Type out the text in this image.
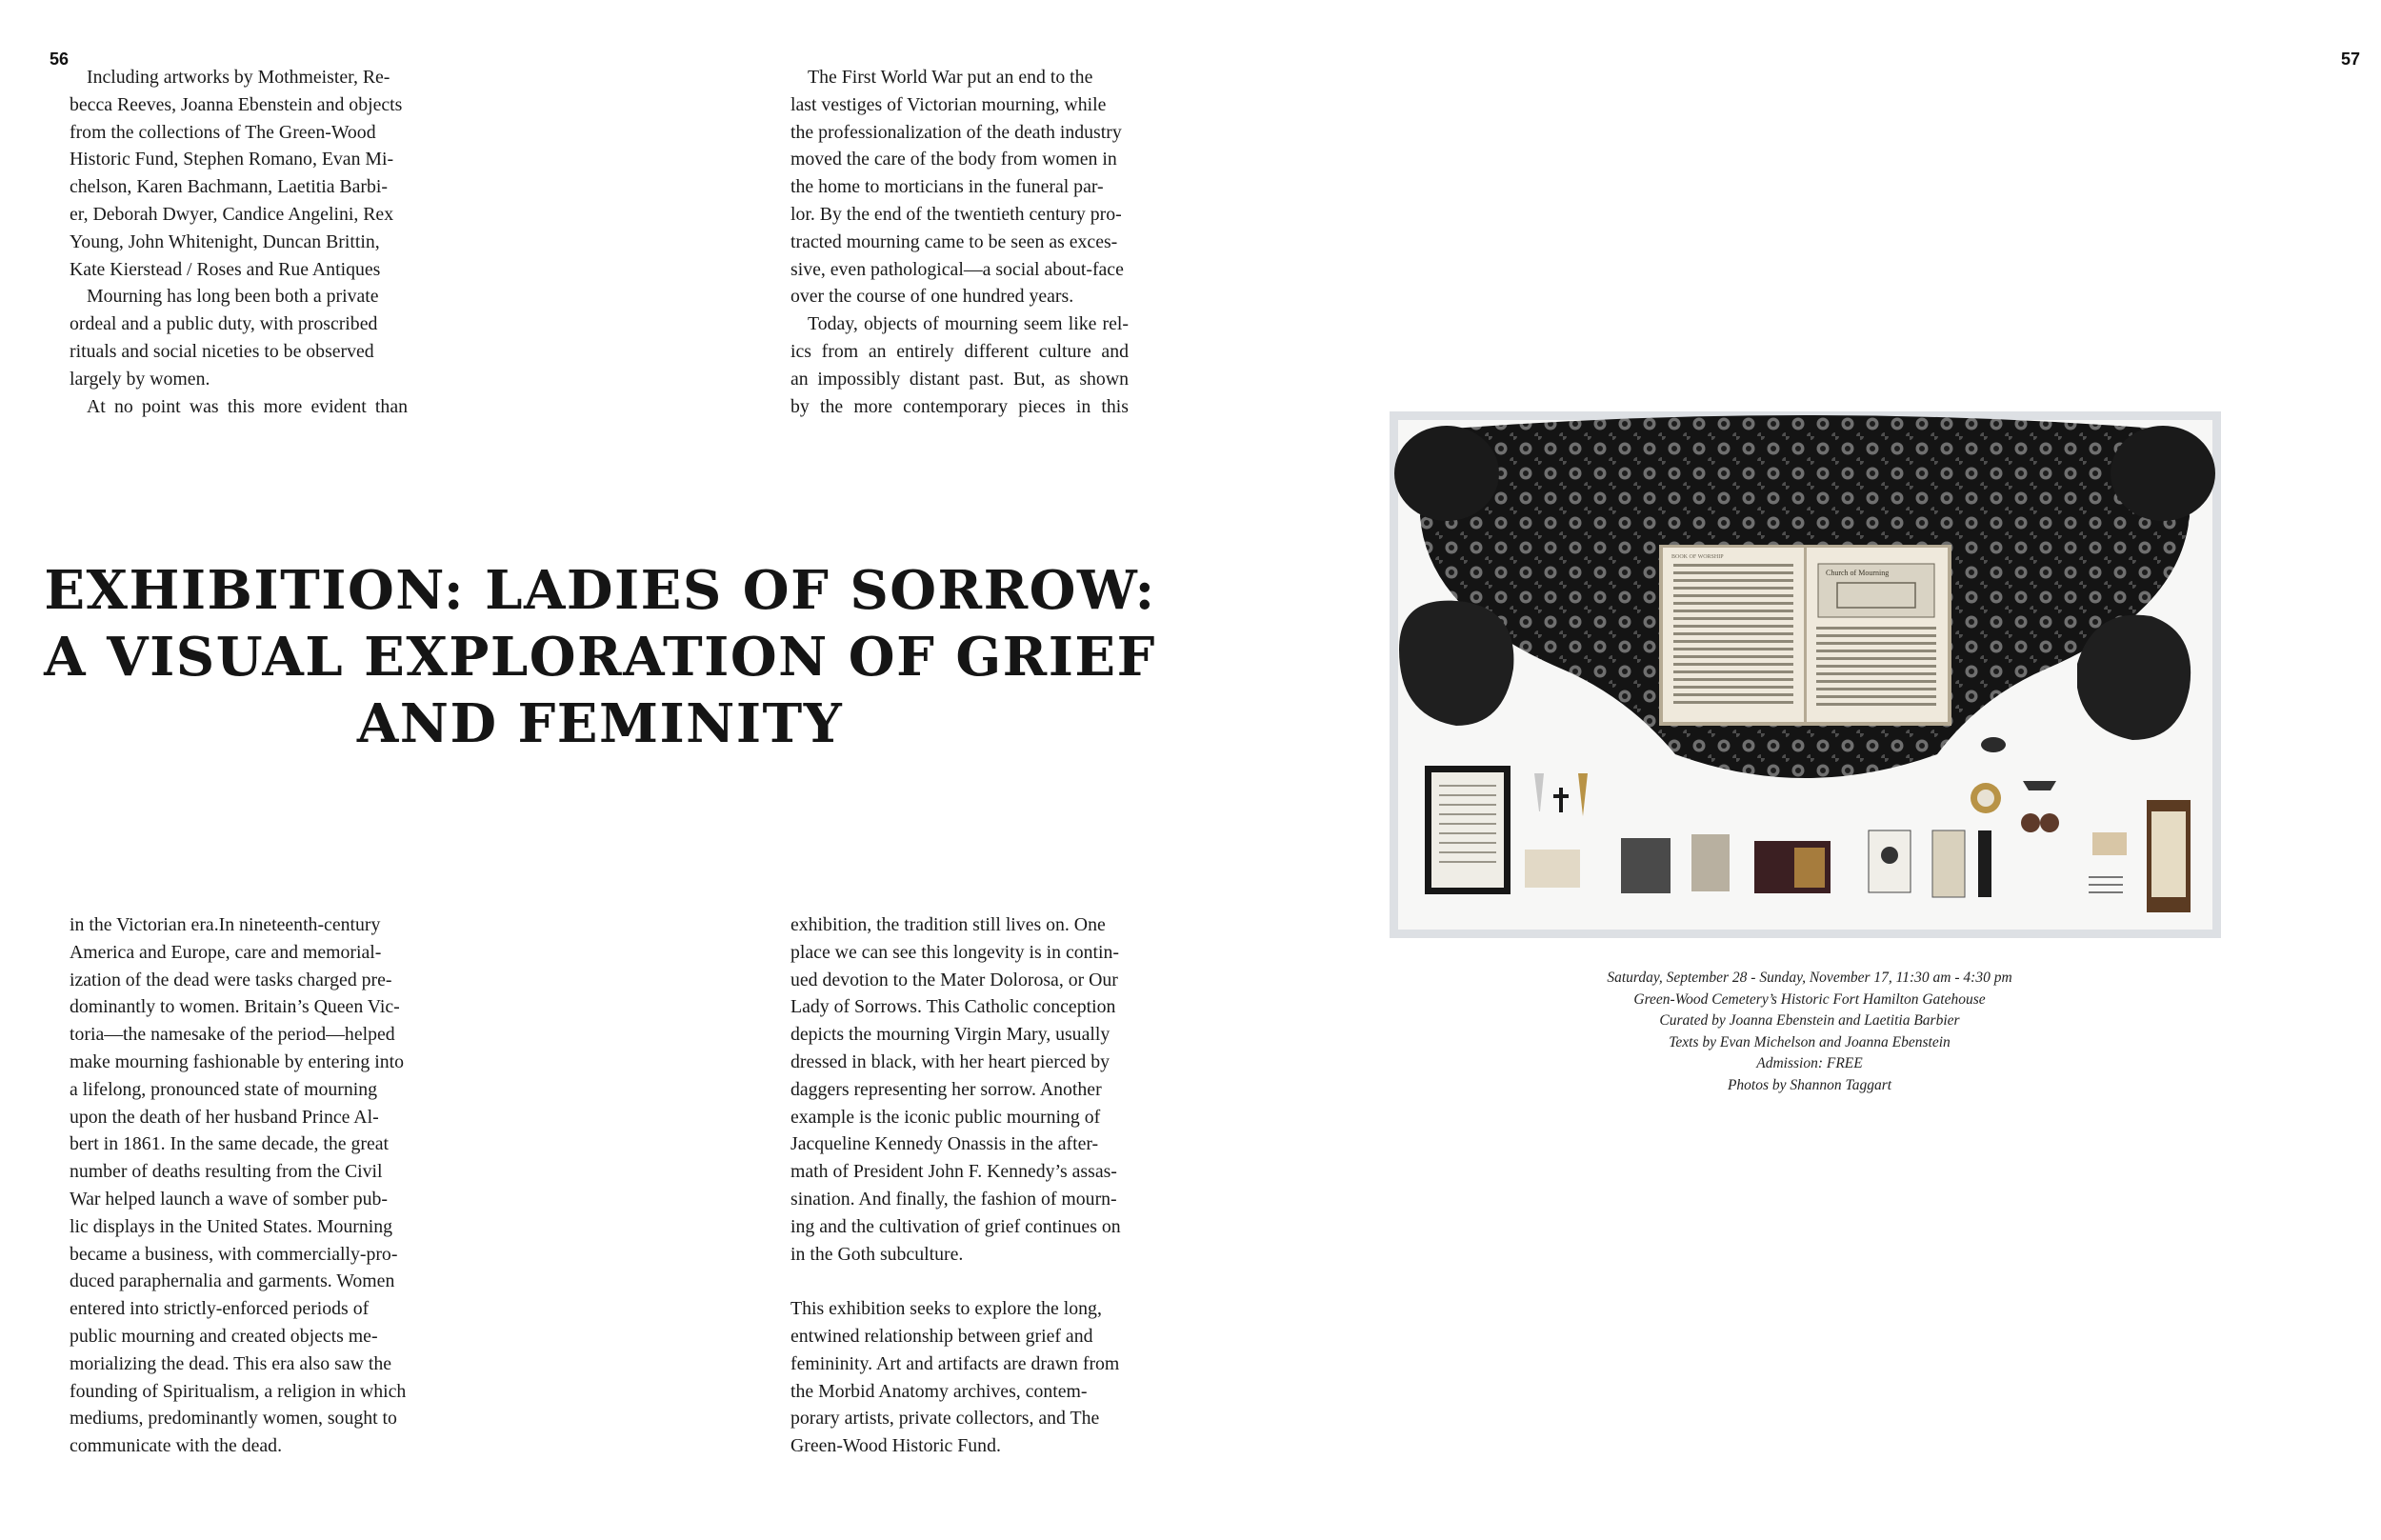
56	57

Including artworks by Mothmeister, Re-
becca Reeves, Joanna Ebenstein and objects
from the collections of The Green-Wood
Historic Fund, Stephen Romano, Evan Mi-
chelson, Karen Bachmann, Laetitia Barbi-
er, Deborah Dwyer, Candice Angelini, Rex
Young, John Whitenight, Duncan Brittin,
Kate Kierstead / Roses and Rue Antiques

Mourning has long been both a private
ordeal and a public duty, with proscribed
rituals and social niceties to be observed
largely by women.

At no point was this more evident than

The First World War put an end to the
last vestiges of Victorian mourning, while
the professionalization of the death industry
moved the care of the body from women in
the home to morticians in the funeral par-
lor. By the end of the twentieth century pro-
tracted mourning came to be seen as exces-
sive, even pathological—a social about-face
over the course of one hundred years.

Today, objects of mourning seem like rel-
ics from an entirely different culture and
an impossibly distant past. But, as shown
by the more contemporary pieces in this

EXHIBITION: LADIES OF SORROW:
A VISUAL EXPLORATION OF GRIEF
AND FEMINITY

in the Victorian era.In nineteenth-century
America and Europe, care and memorial-
ization of the dead were tasks charged pre-
dominantly to women. Britain’s Queen Vic-
toria—the namesake of the period—helped
make mourning fashionable by entering into
a lifelong, pronounced state of mourning
upon the death of her husband Prince Al-
bert in 1861. In the same decade, the great
number of deaths resulting from the Civil
War helped launch a wave of somber pub-
lic displays in the United States. Mourning
became a business, with commercially-pro-
duced paraphernalia and garments. Women
entered into strictly-enforced periods of
public mourning and created objects me-
morializing the dead. This era also saw the
founding of Spiritualism, a religion in which
mediums, predominantly women, sought to
communicate with the dead.

exhibition, the tradition still lives on. One
place we can see this longevity is in contin-
ued devotion to the Mater Dolorosa, or Our
Lady of Sorrows. This Catholic conception
depicts the mourning Virgin Mary, usually
dressed in black, with her heart pierced by
daggers representing her sorrow. Another
example is the iconic public mourning of
Jacqueline Kennedy Onassis in the after-
math of President John F. Kennedy’s assas-
sination. And finally, the fashion of mourn-
ing and the cultivation of grief continues on
in the Goth subculture.

This exhibition seeks to explore the long,
entwined relationship between grief and
femininity. Art and artifacts are drawn from
the Morbid Anatomy archives, contem-
porary artists, private collectors, and The
Green-Wood Historic Fund.

BOOK OF WORSHIP
Church of Mourning
Saturday, September 28 - Sunday, November 17, 11:30 am - 4:30 pm
Green-Wood Cemetery’s Historic Fort Hamilton Gatehouse
Curated by Joanna Ebenstein and Laetitia Barbier
Texts by Evan Michelson and Joanna Ebenstein
Admission: FREE
Photos by Shannon Taggart
